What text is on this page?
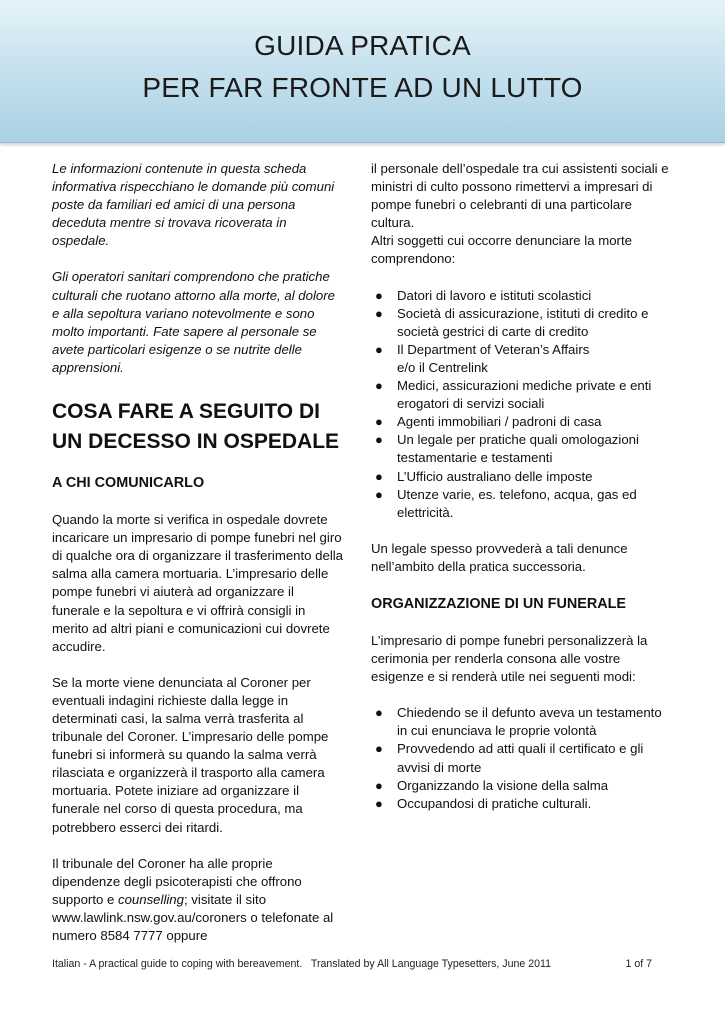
GUIDA PRATICA
PER FAR FRONTE AD UN LUTTO

Le informazioni contenute in questa scheda informativa rispecchiano le domande più comuni poste da familiari ed amici di una persona deceduta mentre si trovava ricoverata in ospedale.

Gli operatori sanitari comprendono che pratiche culturali che ruotano attorno alla morte, al dolore e alla sepoltura variano notevolmente e sono molto importanti. Fate sapere al personale se avete particolari esigenze o se nutrite delle apprensioni.

COSA FARE A SEGUITO DI
UN DECESSO IN OSPEDALE
A CHI COMUNICARLO

Quando la morte si verifica in ospedale dovrete incaricare un impresario di pompe funebri nel giro di qualche ora di organizzare il trasferimento della salma alla camera mortuaria. L’impresario delle pompe funebri vi aiuterà ad organizzare il funerale e la sepoltura e vi offrirà consigli in merito ad altri piani e comunicazioni cui dovrete accudire.

Se la morte viene denunciata al Coroner per eventuali indagini richieste dalla legge in determinati casi, la salma verrà trasferita al tribunale del Coroner. L’impresario delle pompe funebri si informerà su quando la salma verrà rilasciata e organizzerà il trasporto alla camera mortuaria. Potete iniziare ad organizzare il funerale nel corso di questa procedura, ma potrebbero esserci dei ritardi.

Il tribunale del Coroner ha alle proprie dipendenze degli psicoterapisti che offrono supporto e counselling; visitate il sito www.lawlink.nsw.gov.au/coroners o telefonate al numero 8584 7777 oppure

il personale dell’ospedale tra cui assistenti sociali e ministri di culto possono rimettervi a impresari di pompe funebri o celebranti di una particolare cultura.

Altri soggetti cui occorre denunciare la morte comprendono:

● Datori di lavoro e istituti scolastici
● Società di assicurazione, istituti di credito e società gestrici di carte di credito
● Il Department of Veteran’s Affairs
e/o il Centrelink
● Medici, assicurazioni mediche private e enti erogatori di servizi sociali
● Agenti immobiliari / padroni di casa
● Un legale per pratiche quali omologazioni testamentarie e testamenti
● L’Ufficio australiano delle imposte
● Utenze varie, es. telefono, acqua, gas ed elettricità.

Un legale spesso provvederà a tali denunce nell’ambito della pratica successoria.

ORGANIZZAZIONE DI UN FUNERALE

L’impresario di pompe funebri personalizzerà la cerimonia per renderla consona alle vostre esigenze e si renderà utile nei seguenti modi:

● Chiedendo se il defunto aveva un testamento in cui enunciava le proprie volontà
● Provvedendo ad atti quali il certificato e gli avvisi di morte
● Organizzando la visione della salma
● Occupandosi di pratiche culturali.
Italian - A practical guide to coping with bereavement.   Translated by All Language Typesetters, June 2011	1 of 7
